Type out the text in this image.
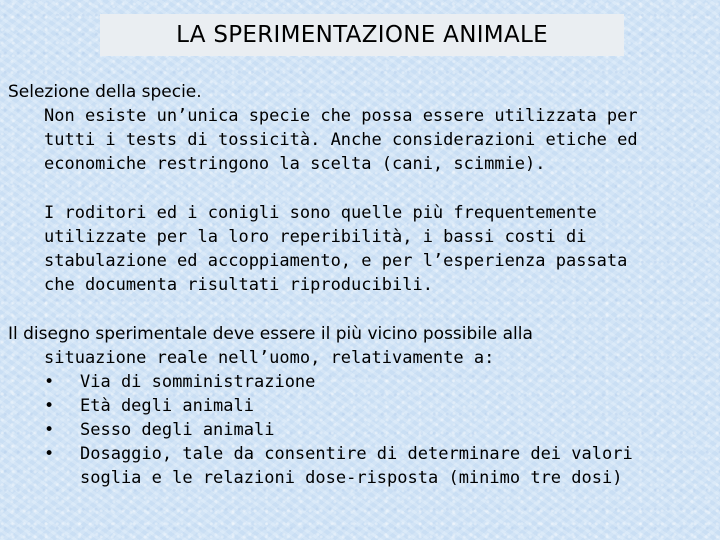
LA SPERIMENTAZIONE ANIMALE
Selezione della specie.
Non esiste un’unica specie che possa essere utilizzata per
tutti i tests di tossicità. Anche considerazioni etiche ed
economiche restringono la scelta (cani, scimmie).
I roditori ed i conigli sono quelle più frequentemente
utilizzate per la loro reperibilità, i bassi costi di
stabulazione ed accoppiamento, e per l’esperienza passata
che documenta risultati riproducibili.
Il disegno sperimentale deve essere il più vicino possibile alla
situazione reale nell’uomo, relativamente a:
• Via di somministrazione
• Età degli animali
• Sesso degli animali
• Dosaggio, tale da consentire di determinare dei valori
soglia e le relazioni dose-risposta (minimo tre dosi)
